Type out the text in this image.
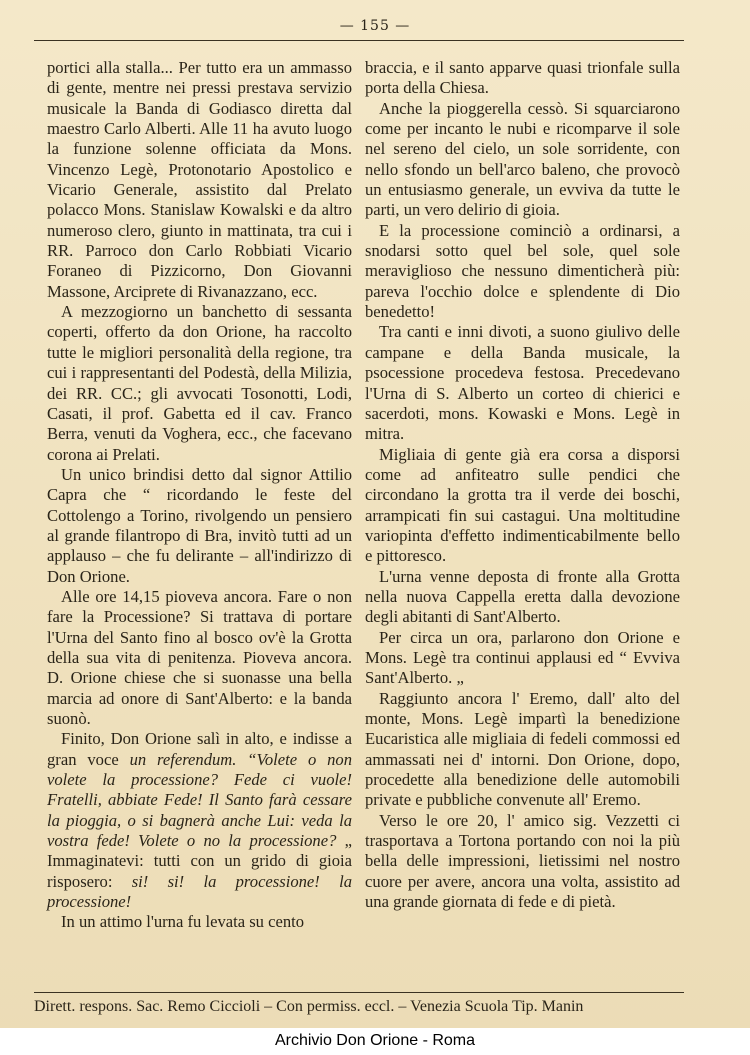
— 155 —

portici alla stalla... Per tutto era un ammasso di gente, mentre nei pressi prestava servizio musicale la Banda di Godiasco diretta dal maestro Carlo Alberti. Alle 11 ha avuto luogo la funzione solenne officiata da Mons. Vincenzo Legè, Protonotario Apostolico e Vicario Generale, assistito dal Prelato polacco Mons. Stanislaw Kowalski e da altro numeroso clero, giunto in mattinata, tra cui i RR. Parroco don Carlo Robbiati Vicario Foraneo di Pizzicorno, Don Giovanni Massone, Arciprete di Rivanazzano, ecc.

A mezzogiorno un banchetto di sessanta coperti, offerto da don Orione, ha raccolto tutte le migliori personalità della regione, tra cui i rappresentanti del Podestà, della Milizia, dei RR. CC.; gli avvocati Tosonotti, Lodi, Casati, il prof. Gabetta ed il cav. Franco Berra, venuti da Voghera, ecc., che facevano corona ai Prelati.

Un unico brindisi detto dal signor Attilio Capra che “ ricordando le feste del Cottolengo a Torino, rivolgendo un pensiero al grande filantropo di Bra, invitò tutti ad un applauso – che fu delirante – all'indirizzo di Don Orione.

Alle ore 14,15 pioveva ancora. Fare o non fare la Processione? Si trattava di portare l'Urna del Santo fino al bosco ov'è la Grotta della sua vita di penitenza. Pioveva ancora. D. Orione chiese che si suonasse una bella marcia ad onore di Sant'Alberto: e la banda suonò.

Finito, Don Orione salì in alto, e indisse a gran voce un referendum. “Volete o non volete la processione? Fede ci vuole! Fratelli, abbiate Fede! Il Santo farà cessare la pioggia, o si bagnerà anche Lui: veda la vostra fede! Volete o no la processione? „ Immaginatevi: tutti con un grido di gioia risposero: si! si! la processione! la processione!

In un attimo l'urna fu levata su cento

braccia, e il santo apparve quasi trionfale sulla porta della Chiesa.

Anche la pioggerella cessò. Si squarciarono come per incanto le nubi e ricomparve il sole nel sereno del cielo, un sole sorridente, con nello sfondo un bell'arco baleno, che provocò un entusiasmo generale, un evviva da tutte le parti, un vero delirio di gioia.

E la processione cominciò a ordinarsi, a snodarsi sotto quel bel sole, quel sole meraviglioso che nessuno dimenticherà più: pareva l'occhio dolce e splendente di Dio benedetto!

Tra canti e inni divoti, a suono giulivo delle campane e della Banda musicale, la psocessione procedeva festosa. Precedevano l'Urna di S. Alberto un corteo di chierici e sacerdoti, mons. Kowaski e Mons. Legè in mitra.

Migliaia di gente già era corsa a disporsi come ad anfiteatro sulle pendici che circondano la grotta tra il verde dei boschi, arrampicati fin sui castagui. Una moltitudine variopinta d'effetto indimenticabilmente bello e pittoresco.

L'urna venne deposta di fronte alla Grotta nella nuova Cappella eretta dalla devozione degli abitanti di Sant'Alberto.

Per circa un ora, parlarono don Orione e Mons. Legè tra continui applausi ed “ Evviva Sant'Alberto. „

Raggiunto ancora l' Eremo, dall' alto del monte, Mons. Legè impartì la benedizione Eucaristica alle migliaia di fedeli commossi ed ammassati nei d' intorni. Don Orione, dopo, procedette alla benedizione delle automobili private e pubbliche convenute all' Eremo.

Verso le ore 20, l' amico sig. Vezzetti ci trasportava a Tortona portando con noi la più bella delle impressioni, lietissimi nel nostro cuore per avere, ancora una volta, assistito ad una grande giornata di fede e di pietà.

Dirett. respons. Sac. Remo Ciccioli – Con permiss. eccl. – Venezia Scuola Tip. Manin
Archivio Don Orione - Roma
